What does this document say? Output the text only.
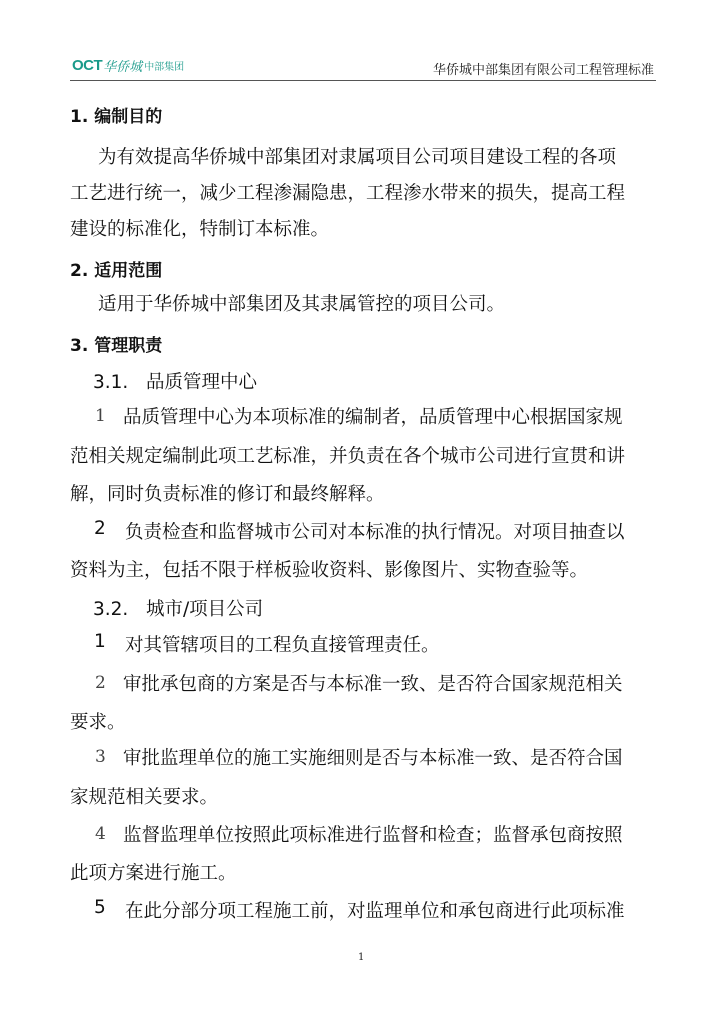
OCT 华侨城 中部集团	华侨城中部集团有限公司工程管理标准
1. 编制目的
为有效提高华侨城中部集团对隶属项目公司项目建设工程的各项
工艺进行统一，减少工程渗漏隐患，工程渗水带来的损失，提高工程
建设的标准化，特制订本标准。
2. 适用范围
适用于华侨城中部集团及其隶属管控的项目公司。
3. 管理职责
3.1.   品质管理中心
1 品质管理中心为本项标准的编制者，品质管理中心根据国家规
范相关规定编制此项工艺标准，并负责在各个城市公司进行宣贯和讲
解，同时负责标准的修订和最终解释。
2 负责检查和监督城市公司对本标准的执行情况。对项目抽查以
资料为主，包括不限于样板验收资料、影像图片、实物查验等。
3.2.   城市/项目公司
1 对其管辖项目的工程负直接管理责任。
2 审批承包商的方案是否与本标准一致、是否符合国家规范相关
要求。
3 审批监理单位的施工实施细则是否与本标准一致、是否符合国
家规范相关要求。
4 监督监理单位按照此项标准进行监督和检查；监督承包商按照
此项方案进行施工。
5 在此分部分项工程施工前，对监理单位和承包商进行此项标准
1
